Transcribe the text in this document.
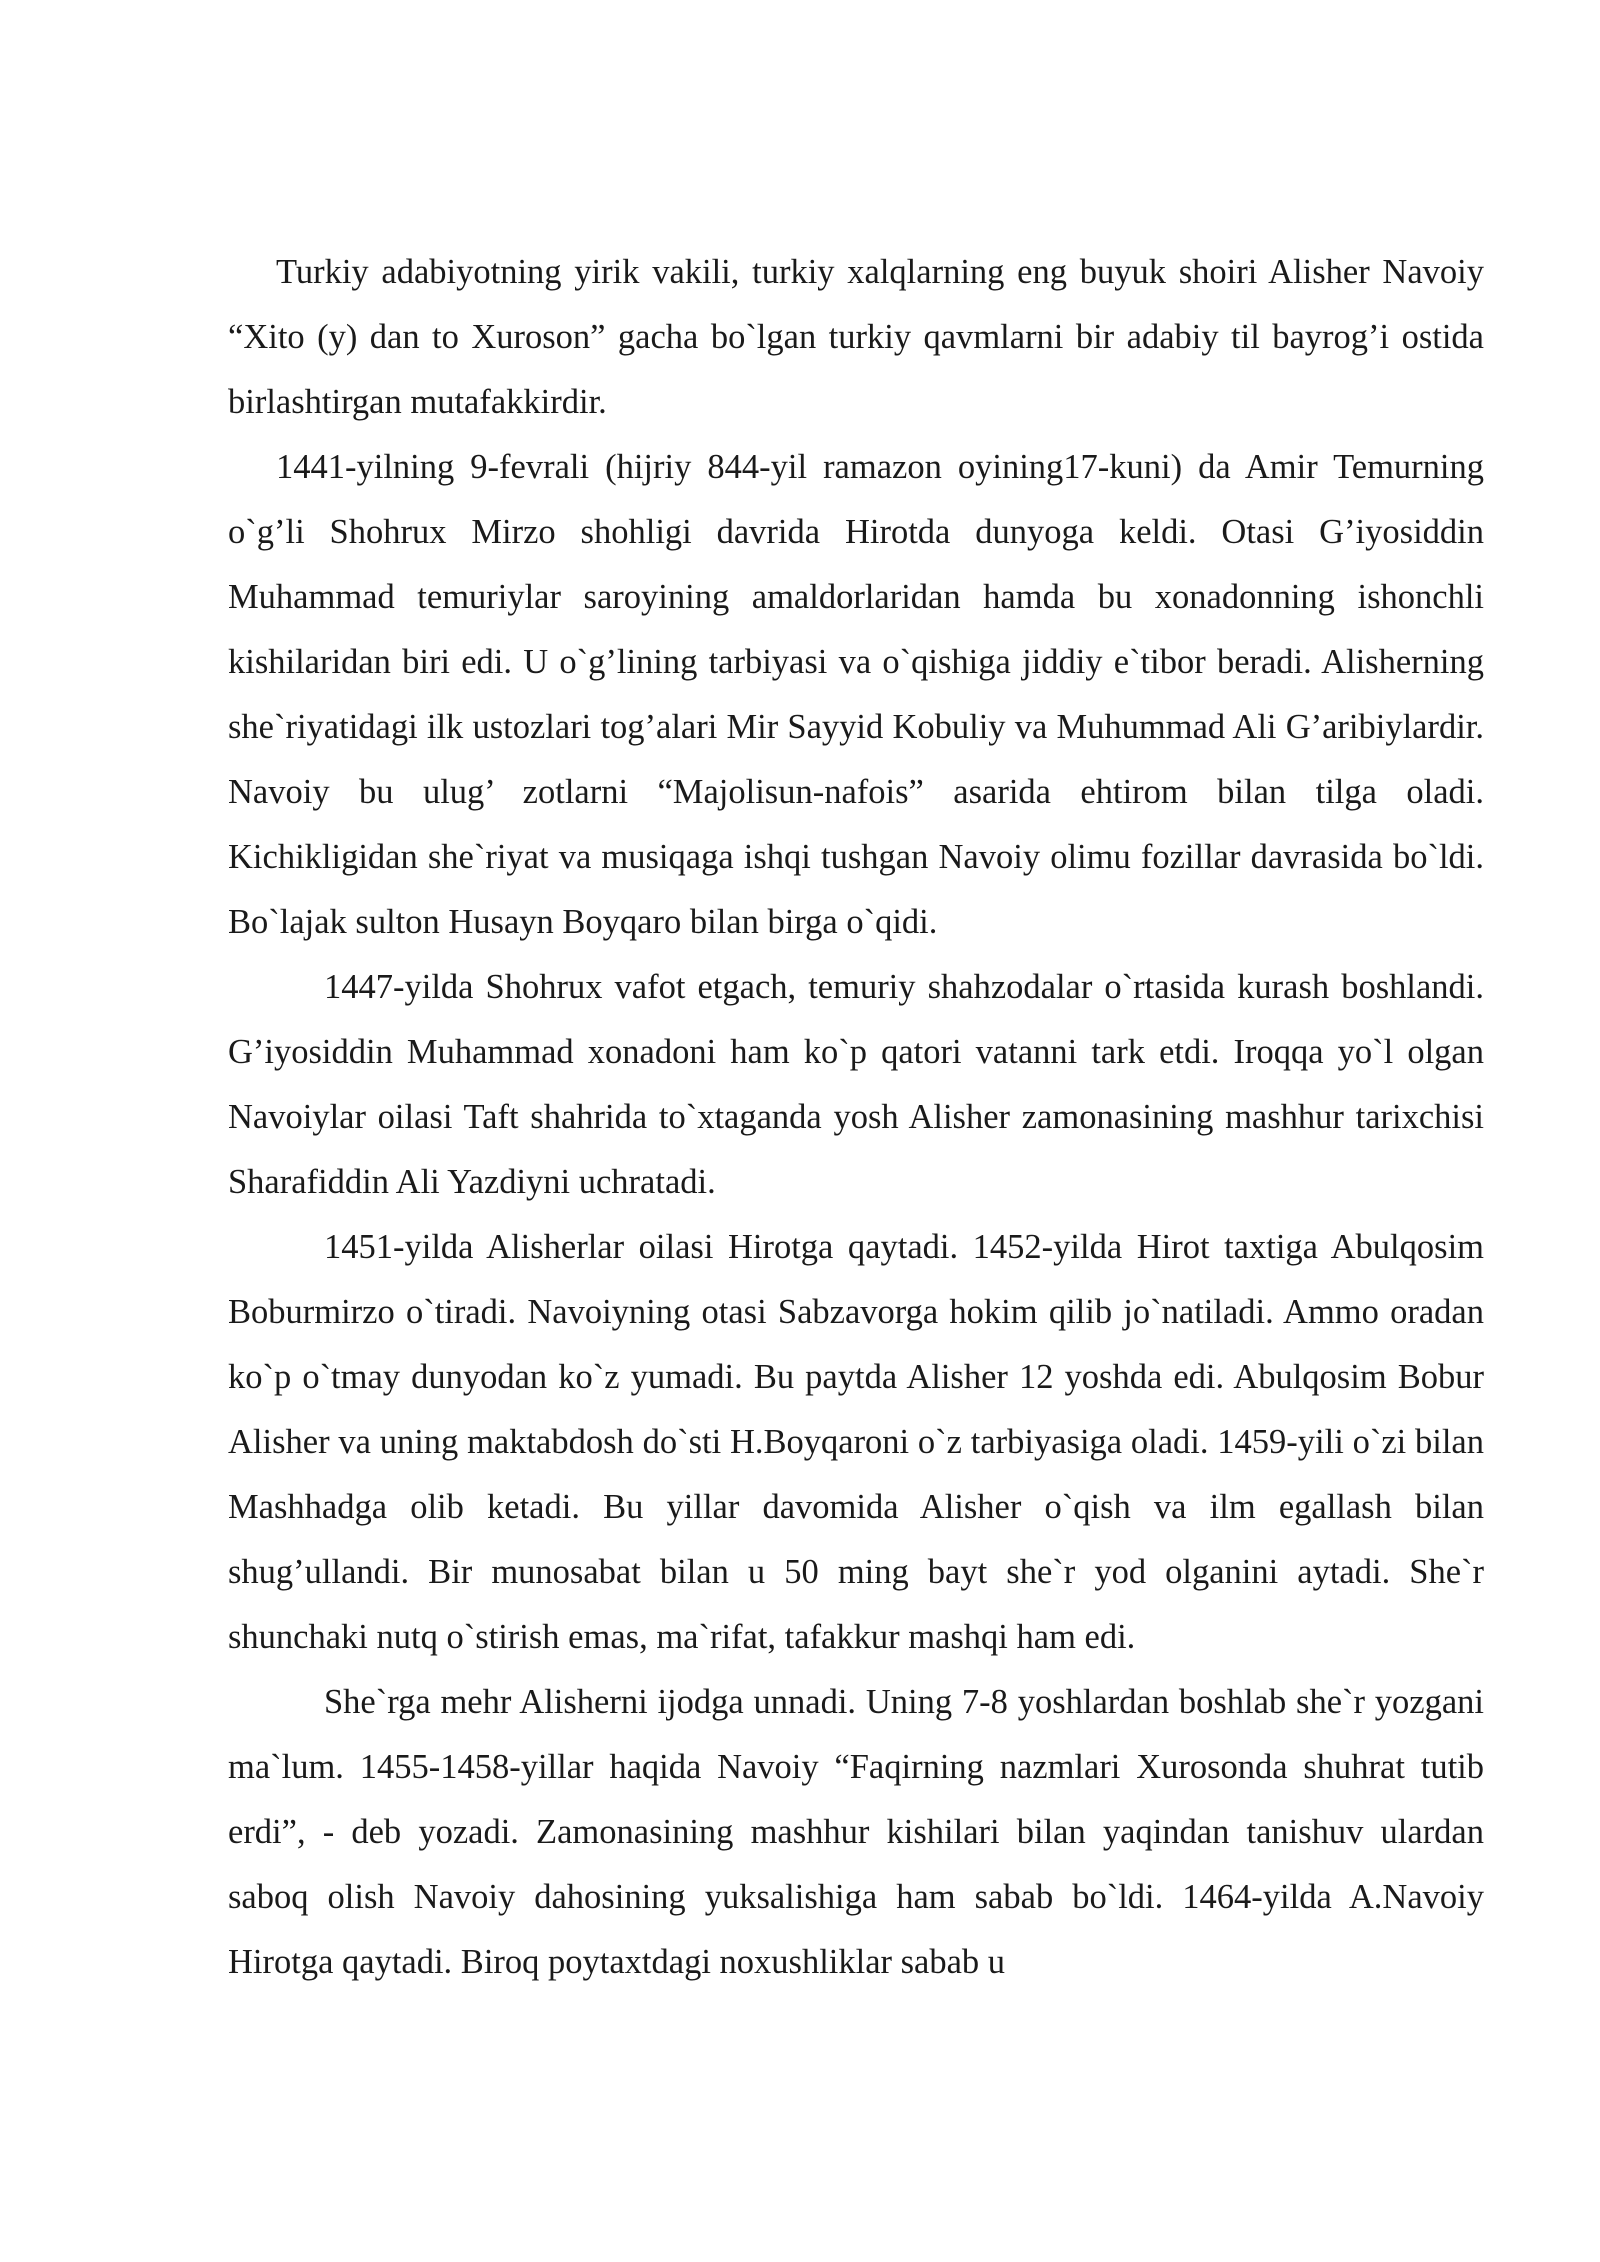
Turkiy adabiyotning yirik vakili, turkiy xalqlarning eng buyuk shoiri Alisher Navoiy “Xito (y) dan to Xuroson” gacha bo`lgan turkiy qavmlarni bir adabiy til bayrog’i ostida birlashtirgan mutafakkirdir.

1441-yilning 9-fevrali (hijriy 844-yil ramazon oyining17-kuni) da Amir Temurning o`g’li Shohrux Mirzo shohligi davrida Hirotda dunyoga keldi. Otasi G’iyosiddin Muhammad temuriylar saroyining amaldorlaridan hamda bu xonadonning ishonchli kishilaridan biri edi. U o`g’lining tarbiyasi va o`qishiga jiddiy e`tibor beradi. Alisherning she`riyatidagi ilk ustozlari tog’alari Mir Sayyid Kobuliy va Muhummad Ali G’aribiylardir. Navoiy bu ulug’ zotlarni “Majolisun-nafois” asarida ehtirom bilan tilga oladi. Kichikligidan she`riyat va musiqaga ishqi tushgan Navoiy olimu fozillar davrasida bo`ldi. Bo`lajak sulton Husayn Boyqaro bilan birga o`qidi.

1447-yilda Shohrux vafot etgach, temuriy shahzodalar o`rtasida kurash boshlandi. G’iyosiddin Muhammad xonadoni ham ko`p qatori vatanni tark etdi. Iroqqa yo`l olgan Navoiylar oilasi Taft shahrida to`xtaganda yosh Alisher zamonasining mashhur tarixchisi Sharafiddin Ali Yazdiyni uchratadi.

1451-yilda Alisherlar oilasi Hirotga qaytadi. 1452-yilda Hirot taxtiga Abulqosim Boburmirzo o`tiradi. Navoiyning otasi Sabzavorga hokim qilib jo`natiladi. Ammo oradan ko`p o`tmay dunyodan ko`z yumadi. Bu paytda Alisher 12 yoshda edi. Abulqosim Bobur Alisher va uning maktabdosh do`sti H.Boyqaroni o`z tarbiyasiga oladi. 1459-yili o`zi bilan Mashhadga olib ketadi. Bu yillar davomida Alisher o`qish va ilm egallash bilan shug’ullandi. Bir munosabat bilan u 50 ming bayt she`r yod olganini aytadi. She`r shunchaki nutq o`stirish emas, ma`rifat, tafakkur mashqi ham edi.

She`rga mehr Alisherni ijodga unnadi. Uning 7-8 yoshlardan boshlab she`r yozgani ma`lum. 1455-1458-yillar haqida Navoiy “Faqirning nazmlari Xurosonda shuhrat tutib erdi”, - deb yozadi. Zamonasining mashhur kishilari bilan yaqindan tanishuv ulardan saboq olish Navoiy dahosining yuksalishiga ham sabab bo`ldi. 1464-yilda A.Navoiy Hirotga qaytadi. Biroq poytaxtdagi noxushliklar sabab u
